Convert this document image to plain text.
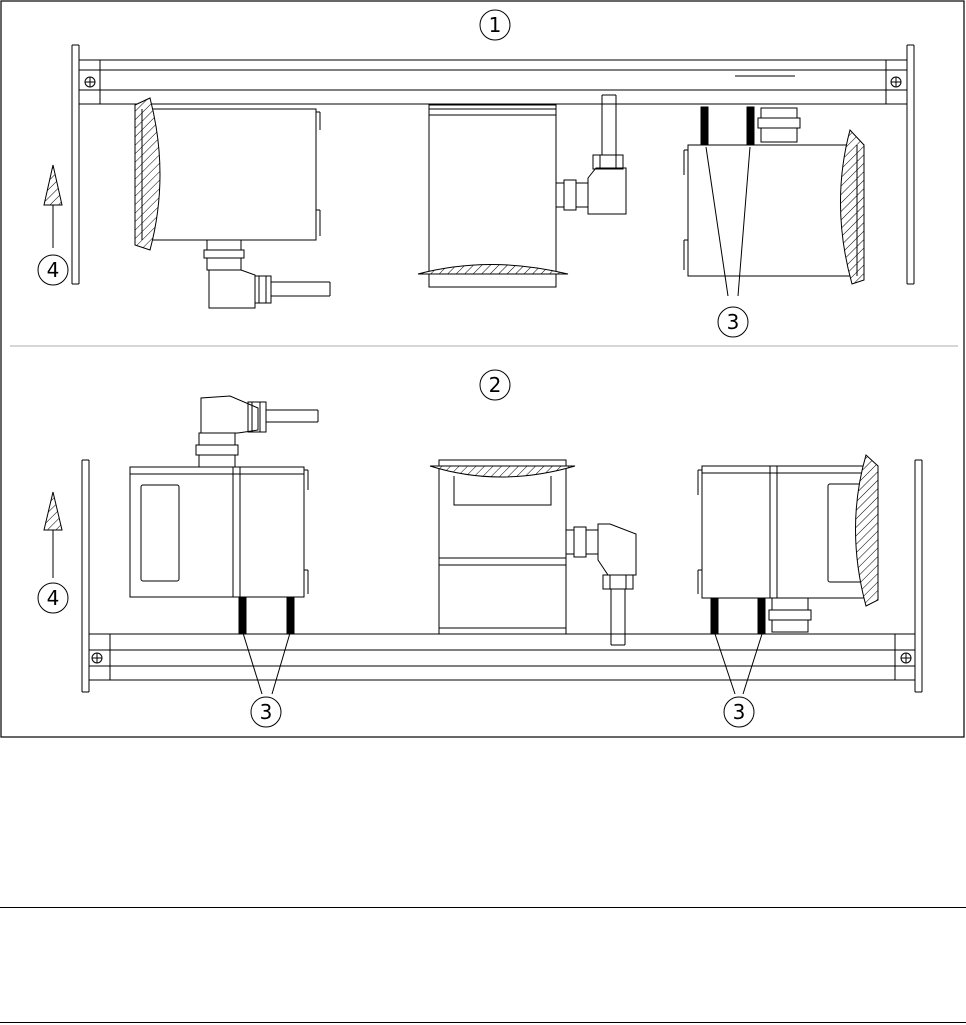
1
4
3
2
4
3	3
